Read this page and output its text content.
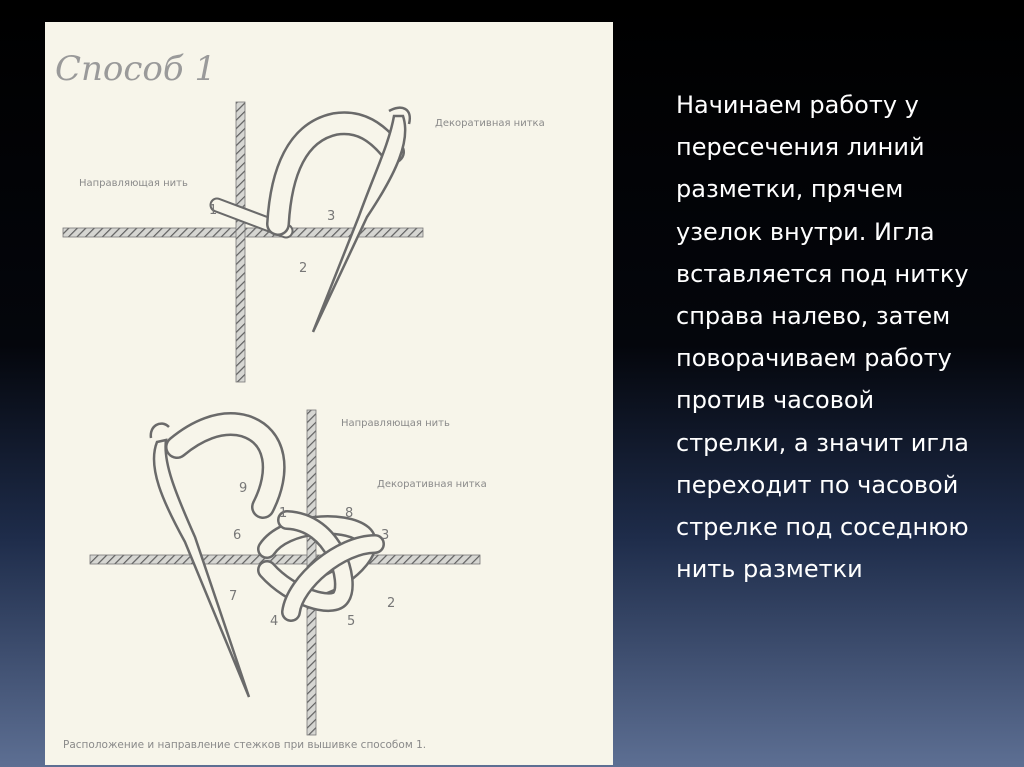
Способ 1
Декоративная нитка
Направляющая нить
1
2
3
Направляющая нить
Декоративная нитка
9
1	8
6	3
7	2
4	5
Расположение и направление стежков при вышивке способом 1.
Начинаем работу у пересечения линий разметки, прячем узелок внутри. Игла вставляется под нитку справа налево, затем поворачиваем работу против часовой стрелки, а значит игла переходит по часовой стрелке под соседнюю нить разметки
